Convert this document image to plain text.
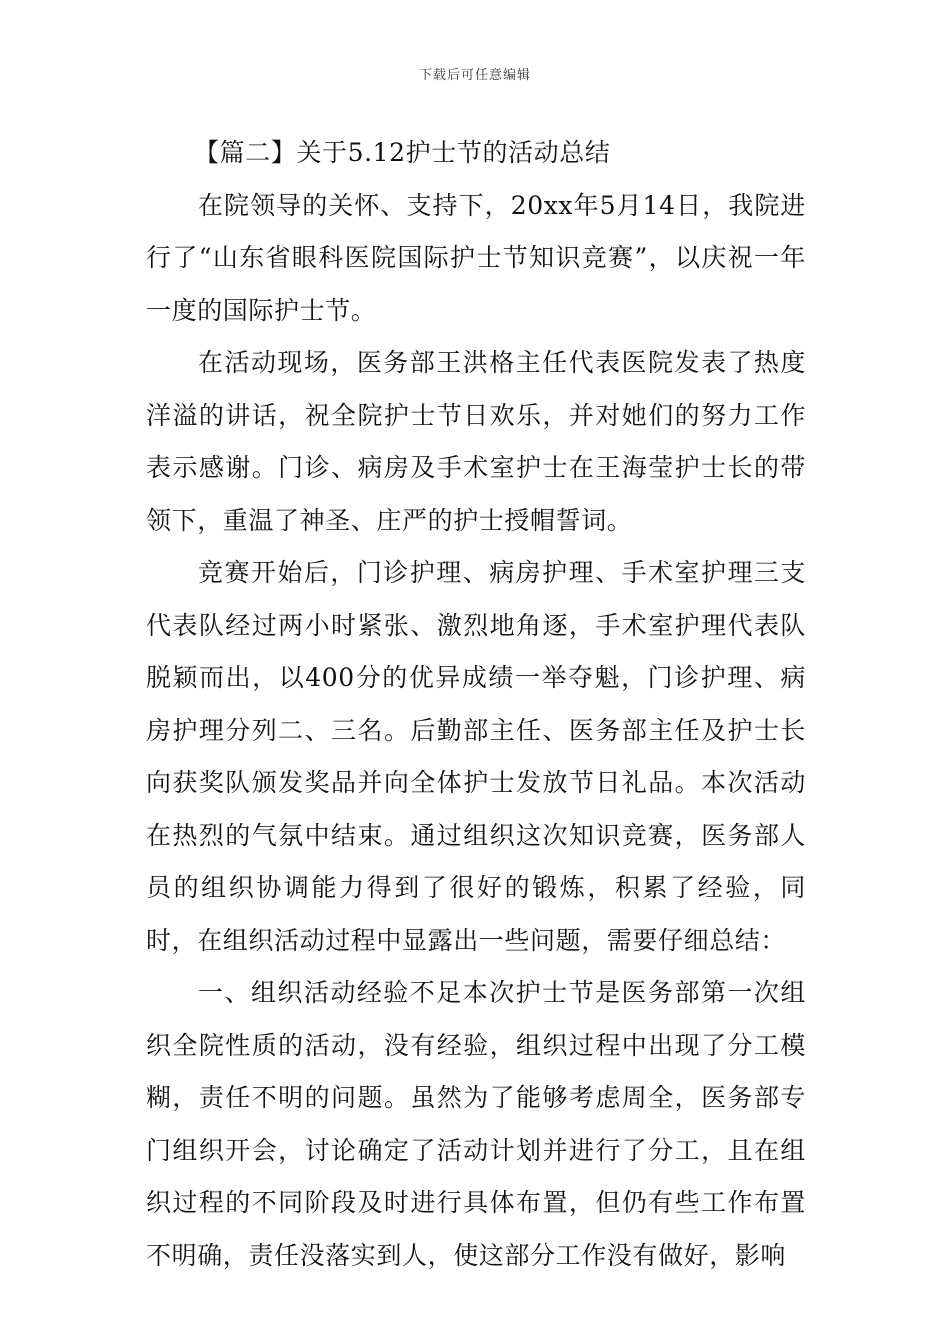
下载后可任意编辑

【篇二】关于5.12护士节的活动总结

在院领导的关怀、支持下，20xx年5月14日，我院进行了“山东省眼科医院国际护士节知识竞赛”，以庆祝一年一度的国际护士节。

在活动现场，医务部王洪格主任代表医院发表了热度洋溢的讲话，祝全院护士节日欢乐，并对她们的努力工作表示感谢。门诊、病房及手术室护士在王海莹护士长的带领下，重温了神圣、庄严的护士授帽誓词。

竞赛开始后，门诊护理、病房护理、手术室护理三支代表队经过两小时紧张、激烈地角逐，手术室护理代表队脱颖而出，以400分的优异成绩一举夺魁，门诊护理、病房护理分列二、三名。后勤部主任、医务部主任及护士长向获奖队颁发奖品并向全体护士发放节日礼品。本次活动在热烈的气氛中结束。通过组织这次知识竞赛，医务部人员的组织协调能力得到了很好的锻炼，积累了经验，同时，在组织活动过程中显露出一些问题，需要仔细总结：

一、组织活动经验不足本次护士节是医务部第一次组织全院性质的活动，没有经验，组织过程中出现了分工模糊，责任不明的问题。虽然为了能够考虑周全，医务部专门组织开会，讨论确定了活动计划并进行了分工，且在组织过程的不同阶段及时进行具体布置，但仍有些工作布置不明确，责任没落实到人，使这部分工作没有做好，影响
